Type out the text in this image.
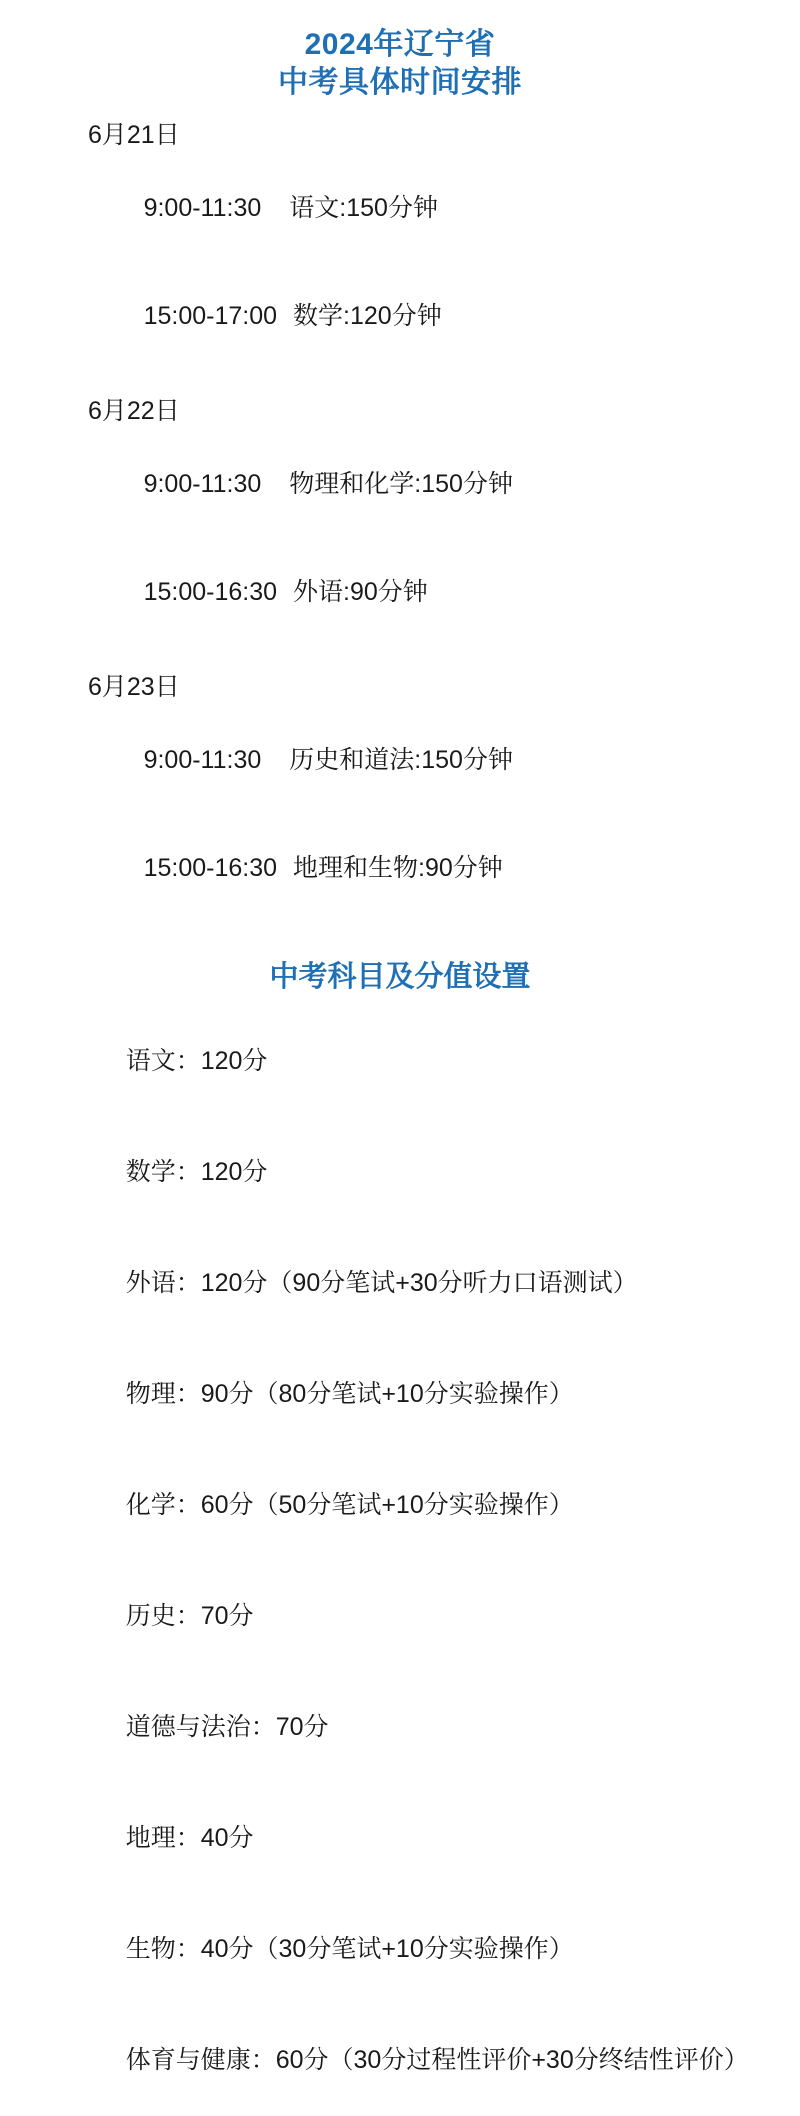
2024年辽宁省
中考具体时间安排
6月21日

9:00-11:30 语文:150分钟

15:00-17:00 数学:120分钟

6月22日

9:00-11:30 物理和化学:150分钟

15:00-16:30 外语:90分钟

6月23日

9:00-11:30 历史和道法:150分钟

15:00-16:30 地理和生物:90分钟

中考科目及分值设置

语文：120分

数学：120分

外语：120分（90分笔试+30分听力口语测试）

物理：90分（80分笔试+10分实验操作）

化学：60分（50分笔试+10分实验操作）

历史：70分

道德与法治：70分

地理：40分

生物：40分（30分笔试+10分实验操作）

体育与健康：60分（30分过程性评价+30分终结性评价）
